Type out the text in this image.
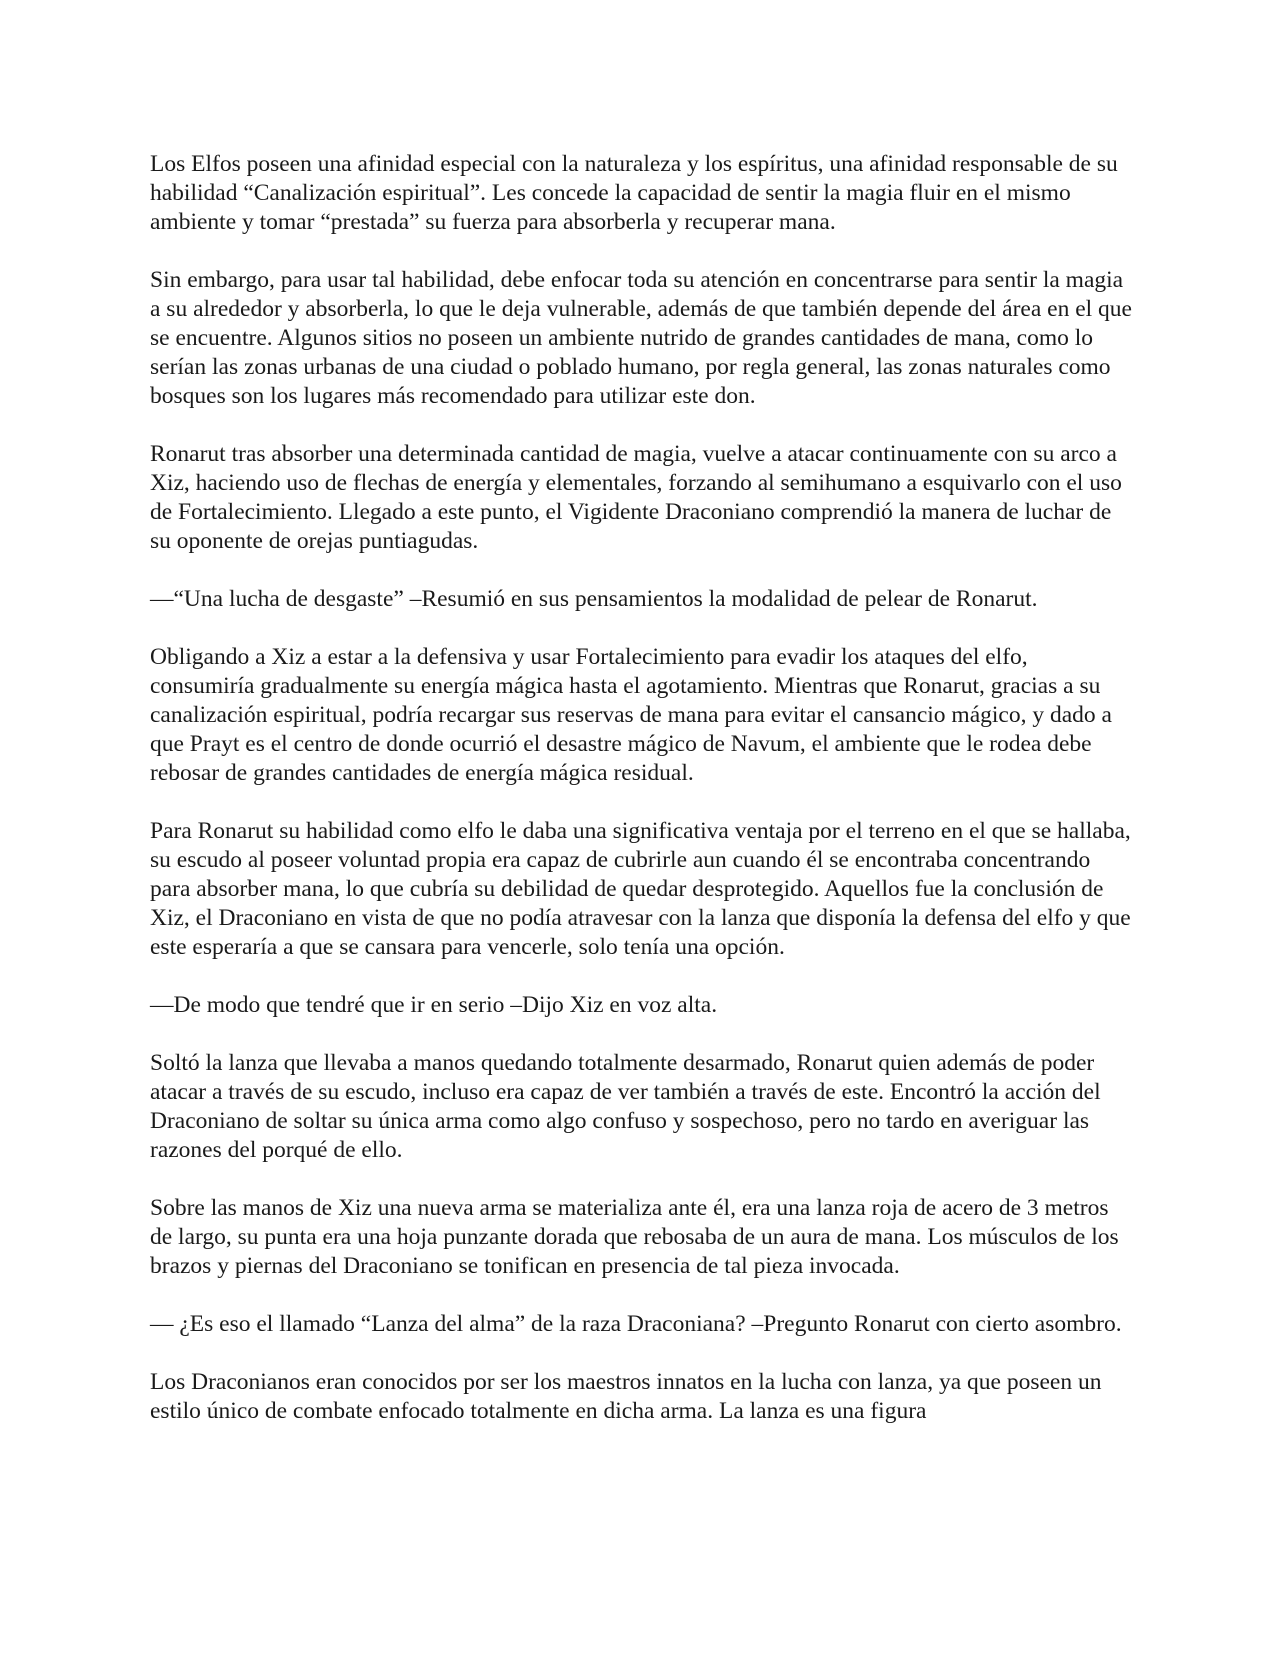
Los Elfos poseen una afinidad especial con la naturaleza y los espíritus, una afinidad responsable de su habilidad “Canalización espiritual”. Les concede la capacidad de sentir la magia fluir en el mismo ambiente y tomar “prestada” su fuerza para absorberla y recuperar mana.

Sin embargo, para usar tal habilidad, debe enfocar toda su atención en concentrarse para sentir la magia a su alrededor y absorberla, lo que le deja vulnerable, además de que también depende del área en el que se encuentre. Algunos sitios no poseen un ambiente nutrido de grandes cantidades de mana, como lo serían las zonas urbanas de una ciudad o poblado humano, por regla general, las zonas naturales como bosques son los lugares más recomendado para utilizar este don.

Ronarut tras absorber una determinada cantidad de magia, vuelve a atacar continuamente con su arco a Xiz, haciendo uso de flechas de energía y elementales, forzando al semihumano a esquivarlo con el uso de Fortalecimiento. Llegado a este punto, el Vigidente Draconiano comprendió la manera de luchar de su oponente de orejas puntiagudas.

—“Una lucha de desgaste” –Resumió en sus pensamientos la modalidad de pelear de Ronarut.

Obligando a Xiz a estar a la defensiva y usar Fortalecimiento para evadir los ataques del elfo, consumiría gradualmente su energía mágica hasta el agotamiento. Mientras que Ronarut, gracias a su canalización espiritual, podría recargar sus reservas de mana para evitar el cansancio mágico, y dado a que Prayt es el centro de donde ocurrió el desastre mágico de Navum, el ambiente que le rodea debe rebosar de grandes cantidades de energía mágica residual.

Para Ronarut su habilidad como elfo le daba una significativa ventaja por el terreno en el que se hallaba, su escudo al poseer voluntad propia era capaz de cubrirle aun cuando él se encontraba concentrando para absorber mana, lo que cubría su debilidad de quedar desprotegido. Aquellos fue la conclusión de Xiz, el Draconiano en vista de que no podía atravesar con la lanza que disponía la defensa del elfo y que este esperaría a que se cansara para vencerle, solo tenía una opción.

—De modo que tendré que ir en serio –Dijo Xiz en voz alta.

Soltó la lanza que llevaba a manos quedando totalmente desarmado, Ronarut quien además de poder atacar a través de su escudo, incluso era capaz de ver también a través de este. Encontró la acción del Draconiano de soltar su única arma como algo confuso y sospechoso, pero no tardo en averiguar las razones del porqué de ello.

Sobre las manos de Xiz una nueva arma se materializa ante él, era una lanza roja de acero de 3 metros de largo, su punta era una hoja punzante dorada que rebosaba de un aura de mana. Los músculos de los brazos y piernas del Draconiano se tonifican en presencia de tal pieza invocada.

— ¿Es eso el llamado “Lanza del alma” de la raza Draconiana? –Pregunto Ronarut con cierto asombro.

Los Draconianos eran conocidos por ser los maestros innatos en la lucha con lanza, ya que poseen un estilo único de combate enfocado totalmente en dicha arma. La lanza es una figura
